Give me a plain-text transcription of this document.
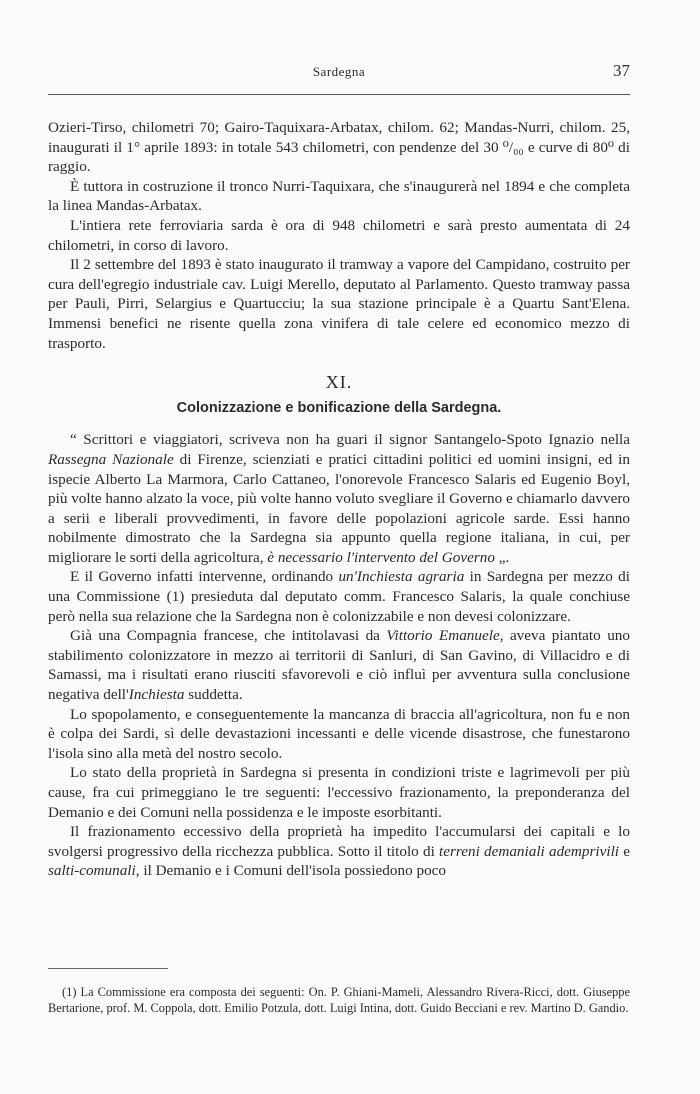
Sardegna	37

Ozieri-Tirso, chilometri 70; Gairo-Taquixara-Arbatax, chilom. 62; Mandas-Nurri, chilom. 25, inaugurati il 1° aprile 1893: in totale 543 chilometri, con pendenze del 30 ⁰/₀₀ e curve di 80⁰ di raggio.

È tuttora in costruzione il tronco Nurri-Taquixara, che s'inaugurerà nel 1894 e che completa la linea Mandas-Arbatax.

L'intiera rete ferroviaria sarda è ora di 948 chilometri e sarà presto aumentata di 24 chilometri, in corso di lavoro.

Il 2 settembre del 1893 è stato inaugurato il tramway a vapore del Campidano, costruito per cura dell'egregio industriale cav. Luigi Merello, deputato al Parlamento. Questo tramway passa per Pauli, Pirri, Selargius e Quartucciu; la sua stazione principale è a Quartu Sant'Elena. Immensi benefici ne risente quella zona vinifera di tale celere ed economico mezzo di trasporto.

XI.
Colonizzazione e bonificazione della Sardegna.

“ Scrittori e viaggiatori, scriveva non ha guari il signor Santangelo-Spoto Ignazio nella Rassegna Nazionale di Firenze, scienziati e pratici cittadini politici ed uomini insigni, ed in ispecie Alberto La Marmora, Carlo Cattaneo, l'onorevole Francesco Salaris ed Eugenio Boyl, più volte hanno alzato la voce, più volte hanno voluto svegliare il Governo e chiamarlo davvero a serii e liberali provvedimenti, in favore delle popolazioni agricole sarde. Essi hanno nobilmente dimostrato che la Sardegna sia appunto quella regione italiana, in cui, per migliorare le sorti della agricoltura, è necessario l'intervento del Governo „.

E il Governo infatti intervenne, ordinando un'Inchiesta agraria in Sardegna per mezzo di una Commissione (1) presieduta dal deputato comm. Francesco Salaris, la quale conchiuse però nella sua relazione che la Sardegna non è colonizzabile e non devesi colonizzare.

Già una Compagnia francese, che intitolavasi da Vittorio Emanuele, aveva piantato uno stabilimento colonizzatore in mezzo ai territorii di Sanluri, di San Gavino, di Villacidro e di Samassi, ma i risultati erano riusciti sfavorevoli e ciò influì per avventura sulla conclusione negativa dell'Inchiesta suddetta.

Lo spopolamento, e conseguentemente la mancanza di braccia all'agricoltura, non fu e non è colpa dei Sardi, sì delle devastazioni incessanti e delle vicende disastrose, che funestarono l'isola sino alla metà del nostro secolo.

Lo stato della proprietà in Sardegna si presenta in condizioni triste e lagrimevoli per più cause, fra cui primeggiano le tre seguenti: l'eccessivo frazionamento, la preponderanza del Demanio e dei Comuni nella possidenza e le imposte esorbitanti.

Il frazionamento eccessivo della proprietà ha impedito l'accumularsi dei capitali e lo svolgersi progressivo della ricchezza pubblica. Sotto il titolo di terreni demaniali ademprivili e salti-comunali, il Demanio e i Comuni dell'isola possiedono poco

(1) La Commissione era composta dei seguenti: On. P. Ghiani-Mameli, Alessandro Rivera-Ricci, dott. Giuseppe Bertarione, prof. M. Coppola, dott. Emilio Potzula, dott. Luigi Intina, dott. Guido Becciani e rev. Martino D. Gandio.
